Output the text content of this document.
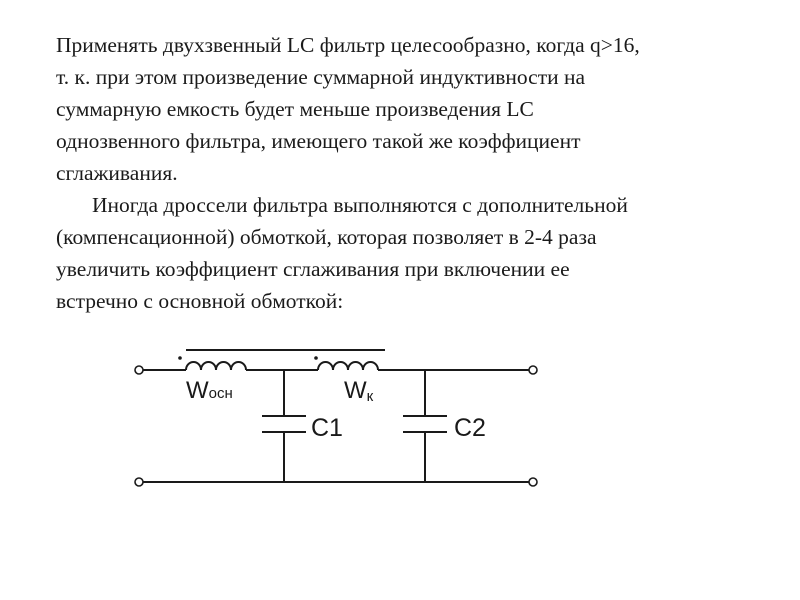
Применять двухзвенный LC фильтр целесообразно, когда q>16,
т. к. при этом произведение суммарной индуктивности на
суммарную емкость будет меньше произведения LC
однозвенного фильтра, имеющего такой же коэффициент
сглаживания.
Иногда дроссели фильтра выполняются с дополнительной
(компенсационной) обмоткой, которая позволяет в 2-4 раза
увеличить коэффициент сглаживания при включении ее
встречно с основной обмоткой:
Wосн	Wк
C1	C2
